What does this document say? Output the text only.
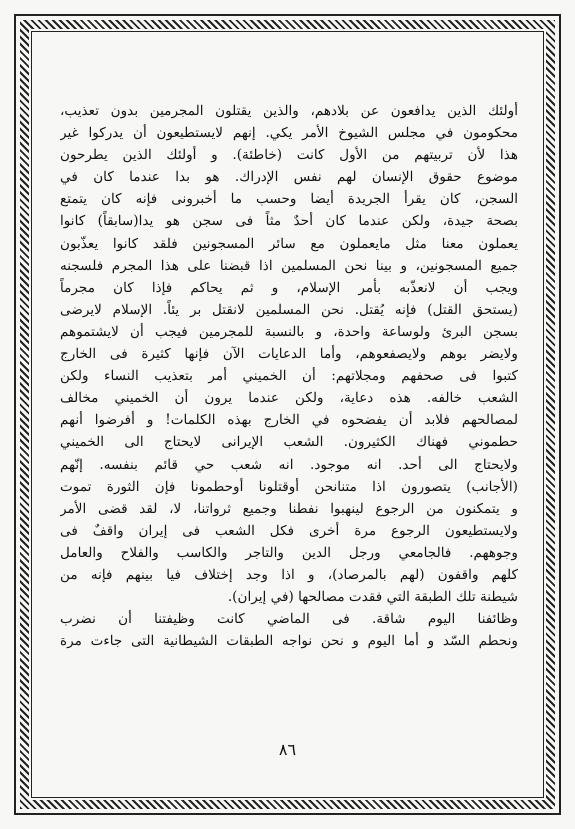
أولئك الذين يدافعون عن بلادهم، والذين يقتلون المجرمين بدون تعذيب،
محكومون في مجلس الشيوخ الأمر يكي. إنهم لايستطيعون أن يدركوا غير
هذا لأن تربيتهم من الأول كانت (خاطئة). و أولئك الذين يطرحون
موضوع حقوق الإنسان لهم نفس الإدراك. هو بدا عندما كان في
السجن، كان يقرأ الجريدة أيضا وحسب ما أخبرونى فإنه كان يتمتع
بصحة جيدة، ولكن عندما كان أحدٌ مثاً فى سجن هو يدا(سابقاً) كانوا
يعملون معنا مثل مايعملون مع سائر المسجونين فلقد كانوا يعذّبون
جميع المسجونين، و بينا نحن المسلمين اذا قبضنا على هذا المجرم فلسجنه
ويجب أن لانعذّبه بأمر الإسلام، و ثم يحاكم فإذا كان مجرماً
(يستحق القتل) فإنه يُقتل. نحن المسلمين لانقتل بر يئاً. الإسلام لايرضى
بسجن البرئ ولوساعة واحدة، و بالنسبة للمجرمين فيجب أن لايشتموهم
ولايضر بوهم ولايصفعوهم، وأما الدعايات الآن فإنها كثيرة فى الخارج
كتبوا فى صحفهم ومجلاتهم: أن الخميني أمر بتعذيب النساء ولكن
الشعب خالفه. هذه دعاية، ولكن عندما يرون أن الخميني مخالف
لمصالحهم فلابد أن يفضحوه في الخارج بهذه الكلمات! و أفرضوا أنهم
حطموني فهناك الكثيرون. الشعب الإيرانى لايحتاج الى الخميني
ولايحتاج الى أحد. انه موجود. انه شعب حي قائم بنفسه. إنّهم
(الأجانب) يتصورون اذا متنانحن أوقتلونا أوحطمونا فإن الثورة تموت
و يتمكنون من الرجوع لينهبوا نفطنا وجميع ثرواتنا، لا، لقد قضى الأمر
ولايستطيعون الرجوع مرة أخرى فكل الشعب فى إيران واقفٌ فى
وجوههم. فالجامعي ورجل الدين والتاجر والكاسب والفلاح والعامل
كلهم واقفون (لهم بالمرصاد)، و اذا وجد إختلاف فيا بينهم فإنه من
شيطنة تلك الطبقة التي فقدت مصالحها (في إيران).
وظائفنا اليوم شاقة. فى الماضي كانت وظيفتنا أن نضرب
ونحطم السّد و أما اليوم و نحن نواجه الطبقات الشيطانية التى جاءت مرة
٨٦
